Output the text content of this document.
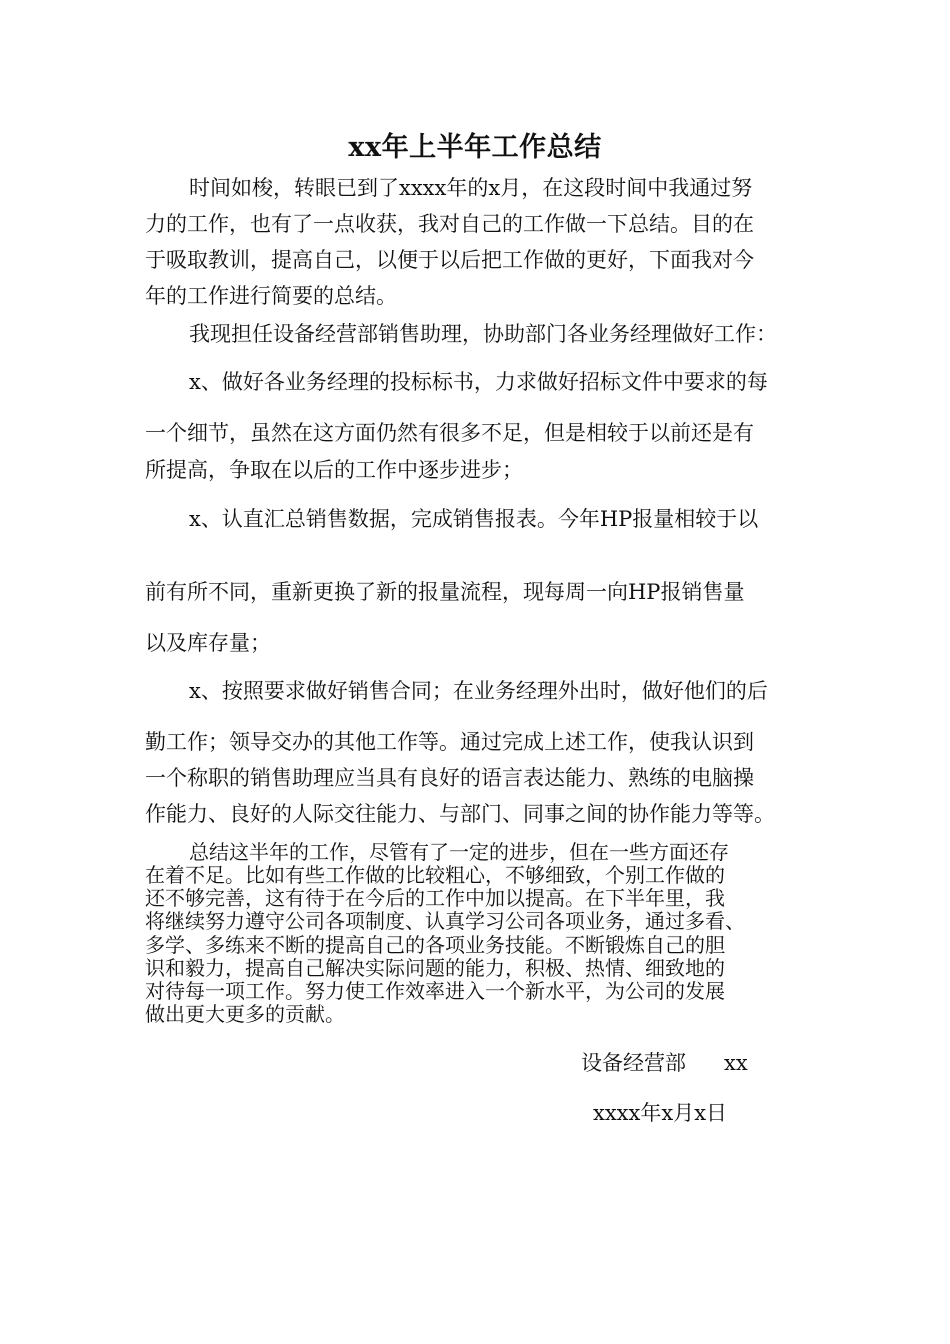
xx年上半年工作总结
时间如梭，转眼已到了xxxx年的x月，在这段时间中我通过努
力的工作，也有了一点收获，我对自己的工作做一下总结。目的在
于吸取教训，提高自己，以便于以后把工作做的更好，下面我对今
年的工作进行简要的总结。
我现担任设备经营部销售助理，协助部门各业务经理做好工作：
x、做好各业务经理的投标标书，力求做好招标文件中要求的每
一个细节，虽然在这方面仍然有很多不足，但是相较于以前还是有
所提高，争取在以后的工作中逐步进步；
x、认直汇总销售数据，完成销售报表。今年HP报量相较于以
前有所不同，重新更换了新的报量流程，现每周一向HP报销售量
以及库存量；
x、按照要求做好销售合同；在业务经理外出时，做好他们的后
勤工作；领导交办的其他工作等。通过完成上述工作，使我认识到
一个称职的销售助理应当具有良好的语言表达能力、熟练的电脑操
作能力、良好的人际交往能力、与部门、同事之间的协作能力等等。
总结这半年的工作，尽管有了一定的进步，但在一些方面还存
在着不足。比如有些工作做的比较粗心，不够细致，个别工作做的
还不够完善，这有待于在今后的工作中加以提高。在下半年里，我
将继续努力遵守公司各项制度、认真学习公司各项业务，通过多看、
多学、多练来不断的提高自己的各项业务技能。不断锻炼自己的胆
识和毅力，提高自己解决实际问题的能力，积极、热情、细致地的
对待每一项工作。努力使工作效率进入一个新水平，为公司的发展
做出更大更多的贡献。
设备经营部 xx
xxxx年x月x日
